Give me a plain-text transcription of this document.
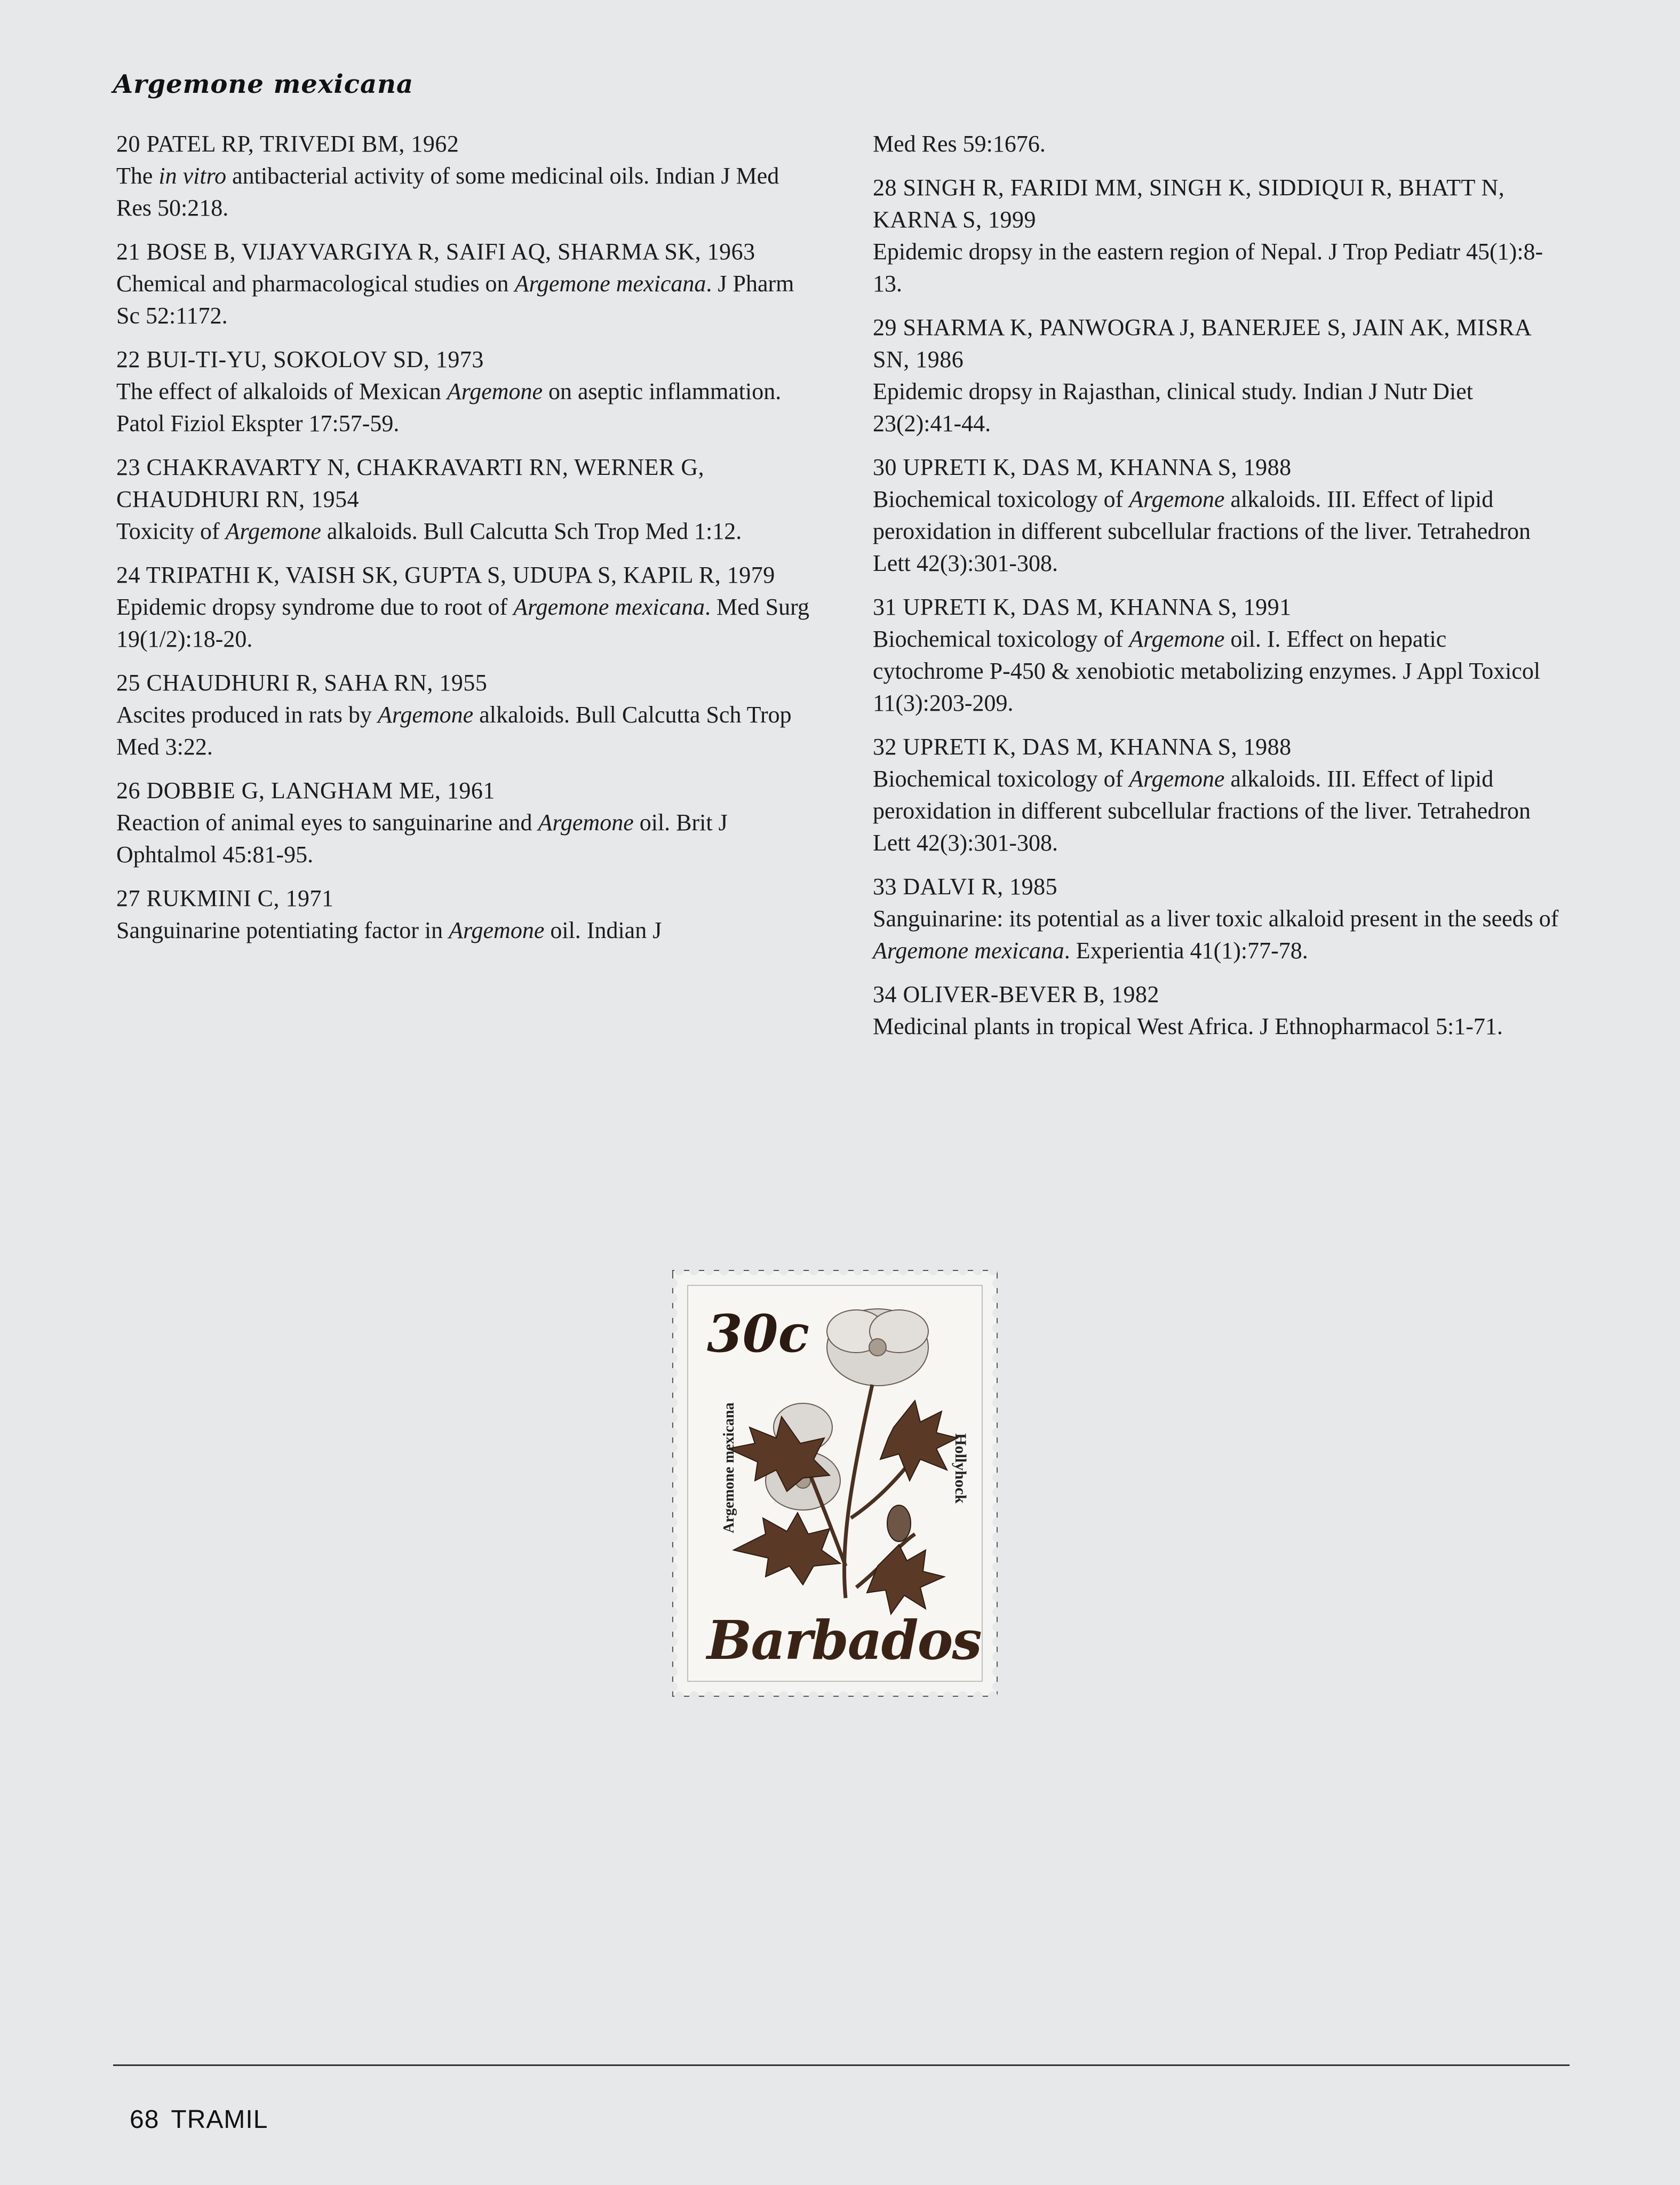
Argemone mexicana
20 PATEL RP, TRIVEDI BM, 1962
The in vitro antibacterial activity of some medicinal oils. Indian J Med Res 50:218.
21 BOSE B, VIJAYVARGIYA R, SAIFI AQ, SHARMA SK, 1963
Chemical and pharmacological studies on Argemone mexicana. J Pharm Sc 52:1172.
22 BUI-TI-YU, SOKOLOV SD, 1973
The effect of alkaloids of Mexican Argemone on aseptic inflammation. Patol Fiziol Ekspter 17:57-59.
23 CHAKRAVARTY N, CHAKRAVARTI RN, WERNER G, CHAUDHURI RN, 1954
Toxicity of Argemone alkaloids. Bull Calcutta Sch Trop Med 1:12.
24 TRIPATHI K, VAISH SK, GUPTA S, UDUPA S, KAPIL R, 1979
Epidemic dropsy syndrome due to root of Argemone mexicana. Med Surg 19(1/2):18-20.
25 CHAUDHURI R, SAHA RN, 1955
Ascites produced in rats by Argemone alkaloids. Bull Calcutta Sch Trop Med 3:22.
26 DOBBIE G, LANGHAM ME, 1961
Reaction of animal eyes to sanguinarine and Argemone oil. Brit J Ophtalmol 45:81-95.
27 RUKMINI C, 1971
Sanguinarine potentiating factor in Argemone oil. Indian J
Med Res 59:1676.
28 SINGH R, FARIDI MM, SINGH K, SIDDIQUI R, BHATT N, KARNA S, 1999
Epidemic dropsy in the eastern region of Nepal. J Trop Pediatr 45(1):8-13.
29 SHARMA K, PANWOGRA J, BANERJEE S, JAIN AK, MISRA SN, 1986
Epidemic dropsy in Rajasthan, clinical study. Indian J Nutr Diet 23(2):41-44.
30 UPRETI K, DAS M, KHANNA S, 1988
Biochemical toxicology of Argemone alkaloids. III. Effect of lipid peroxidation in different subcellular fractions of the liver. Tetrahedron Lett 42(3):301-308.
31 UPRETI K, DAS M, KHANNA S, 1991
Biochemical toxicology of Argemone oil. I. Effect on hepatic cytochrome P-450 & xenobiotic metabolizing enzymes. J Appl Toxicol 11(3):203-209.
32 UPRETI K, DAS M, KHANNA S, 1988
Biochemical toxicology of Argemone alkaloids. III. Effect of lipid peroxidation in different subcellular fractions of the liver. Tetrahedron Lett 42(3):301-308.
33 DALVI R, 1985
Sanguinarine: its potential as a liver toxic alkaloid present in the seeds of Argemone mexicana. Experientia 41(1):77-78.
34 OLIVER-BEVER B, 1982
Medicinal plants in tropical West Africa. J Ethnopharmacol 5:1-71.
30c
Argemone mexicana	Hollyhock
Barbados
68 TRAMIL
